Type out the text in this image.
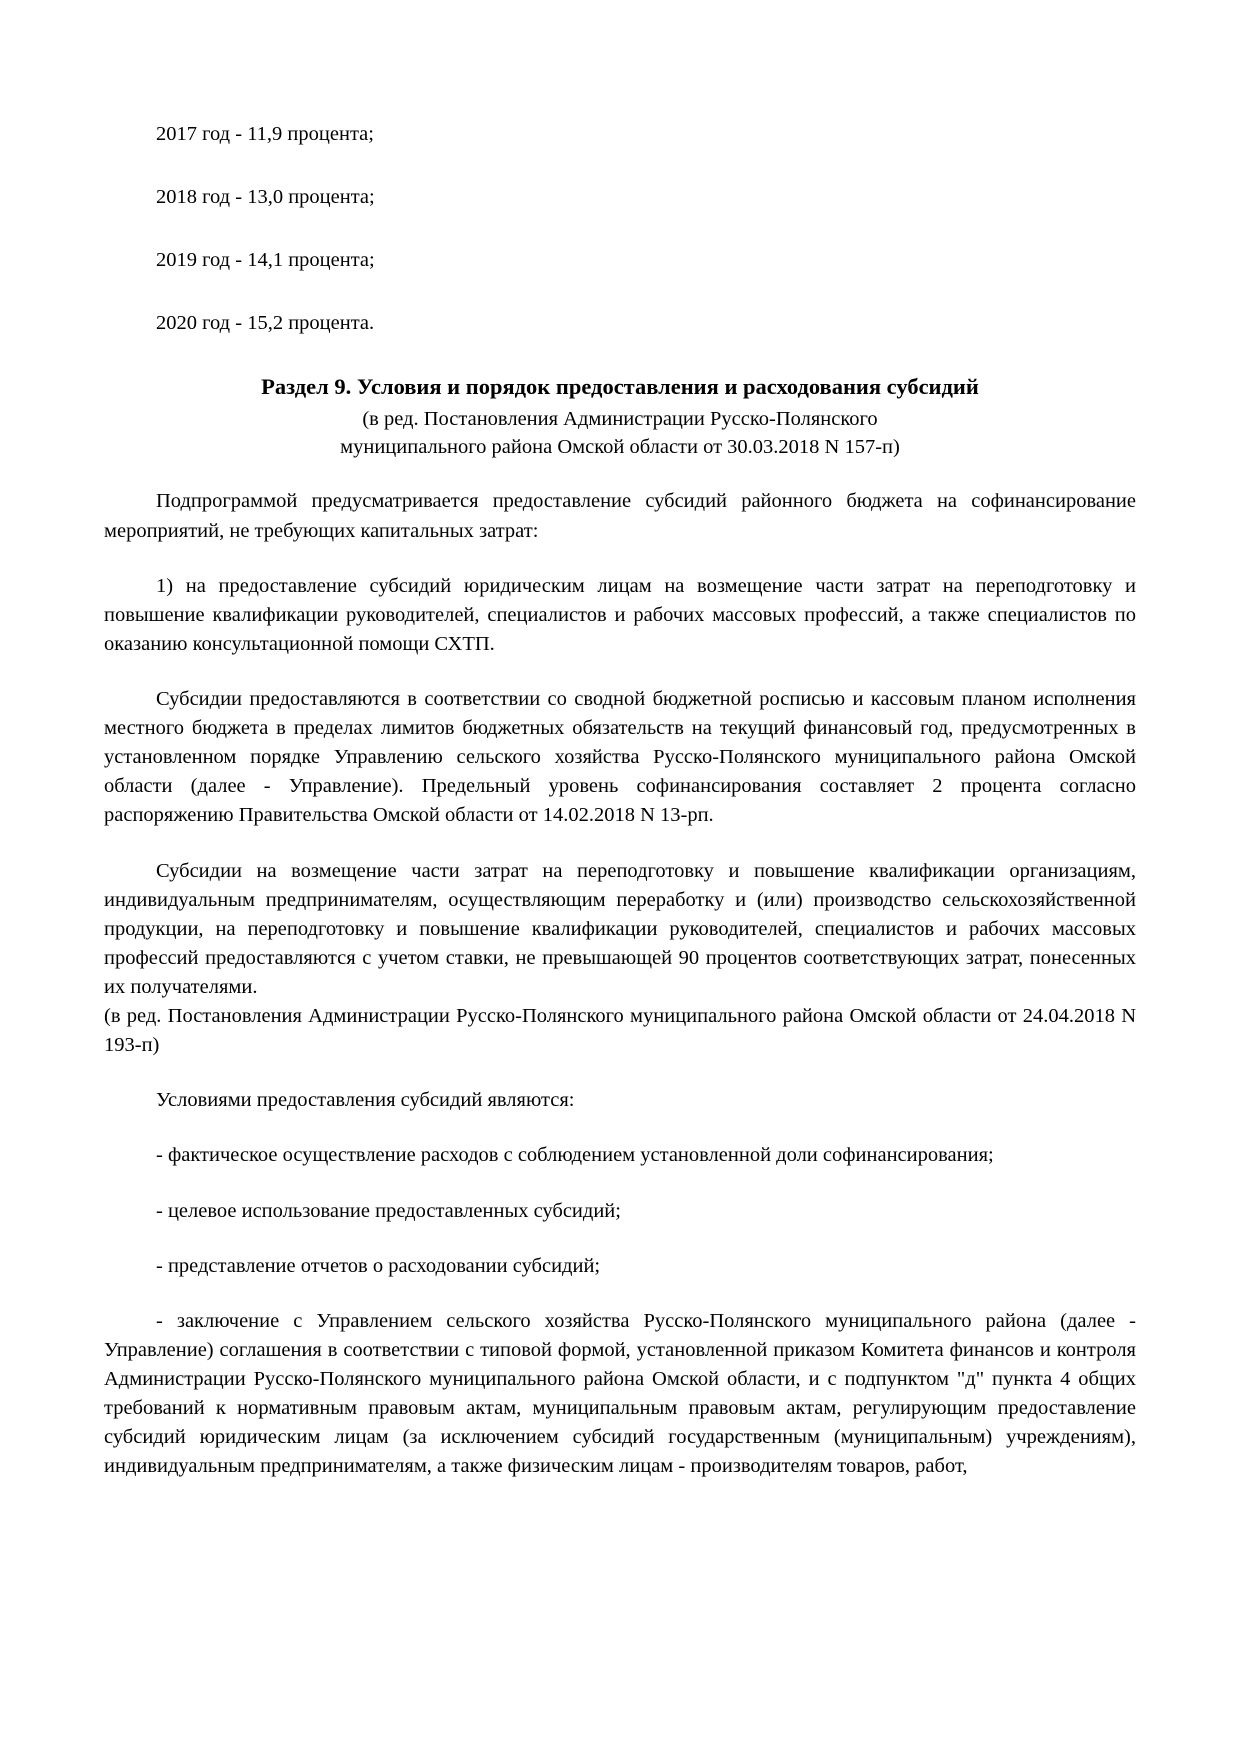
2017 год - 11,9 процента;

2018 год - 13,0 процента;

2019 год - 14,1 процента;

2020 год - 15,2 процента.

Раздел 9. Условия и порядок предоставления и расходования субсидий
(в ред. Постановления Администрации Русско-Полянского
муниципального района Омской области от 30.03.2018 N 157-п)

Подпрограммой предусматривается предоставление субсидий районного бюджета на софинансирование мероприятий, не требующих капитальных затрат:

1) на предоставление субсидий юридическим лицам на возмещение части затрат на переподготовку и повышение квалификации руководителей, специалистов и рабочих массовых профессий, а также специалистов по оказанию консультационной помощи СХТП.

Субсидии предоставляются в соответствии со сводной бюджетной росписью и кассовым планом исполнения местного бюджета в пределах лимитов бюджетных обязательств на текущий финансовый год, предусмотренных в установленном порядке Управлению сельского хозяйства Русско-Полянского муниципального района Омской области (далее - Управление). Предельный уровень софинансирования составляет 2 процента согласно распоряжению Правительства Омской области от 14.02.2018 N 13-рп.

Субсидии на возмещение части затрат на переподготовку и повышение квалификации организациям, индивидуальным предпринимателям, осуществляющим переработку и (или) производство сельскохозяйственной продукции, на переподготовку и повышение квалификации руководителей, специалистов и рабочих массовых профессий предоставляются с учетом ставки, не превышающей 90 процентов соответствующих затрат, понесенных их получателями.

(в ред. Постановления Администрации Русско-Полянского муниципального района Омской области от 24.04.2018 N 193-п)

Условиями предоставления субсидий являются:

- фактическое осуществление расходов с соблюдением установленной доли софинансирования;

- целевое использование предоставленных субсидий;

- представление отчетов о расходовании субсидий;

- заключение с Управлением сельского хозяйства Русско-Полянского муниципального района (далее - Управление) соглашения в соответствии с типовой формой, установленной приказом Комитета финансов и контроля Администрации Русско-Полянского муниципального района Омской области, и с подпунктом "д" пункта 4 общих требований к нормативным правовым актам, муниципальным правовым актам, регулирующим предоставление субсидий юридическим лицам (за исключением субсидий государственным (муниципальным) учреждениям), индивидуальным предпринимателям, а также физическим лицам - производителям товаров, работ,
